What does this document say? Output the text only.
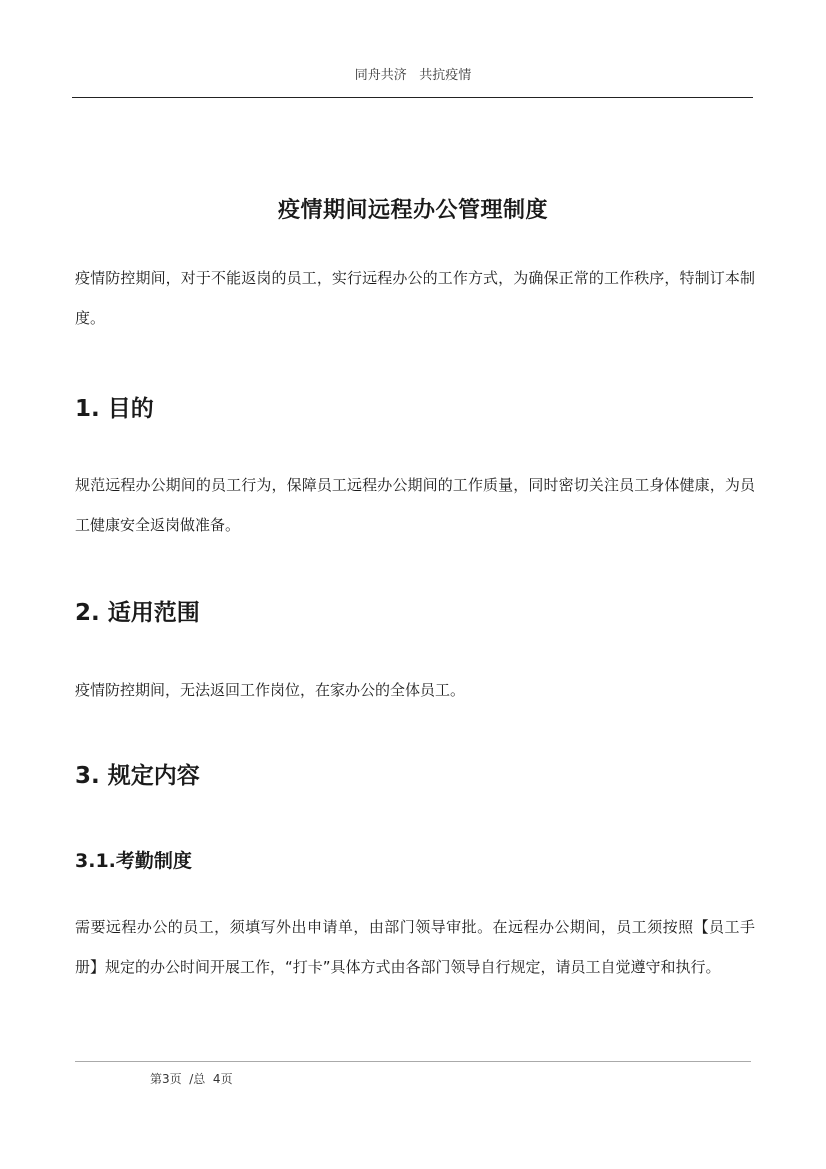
同舟共济   共抗疫情
疫情期间远程办公管理制度

疫情防控期间，对于不能返岗的员工，实行远程办公的工作方式，为确保正常的工作秩序，特制订本制度。

1. 目的

规范远程办公期间的员工行为，保障员工远程办公期间的工作质量，同时密切关注员工身体健康，为员工健康安全返岗做准备。

2. 适用范围

疫情防控期间，无法返回工作岗位，在家办公的全体员工。

3. 规定内容
3.1.考勤制度

需要远程办公的员工，须填写外出申请单，由部门领导审批。在远程办公期间，员工须按照【员工手册】规定的办公时间开展工作，“打卡”具体方式由各部门领导自行规定，请员工自觉遵守和执行。

第3页  /总  4页
